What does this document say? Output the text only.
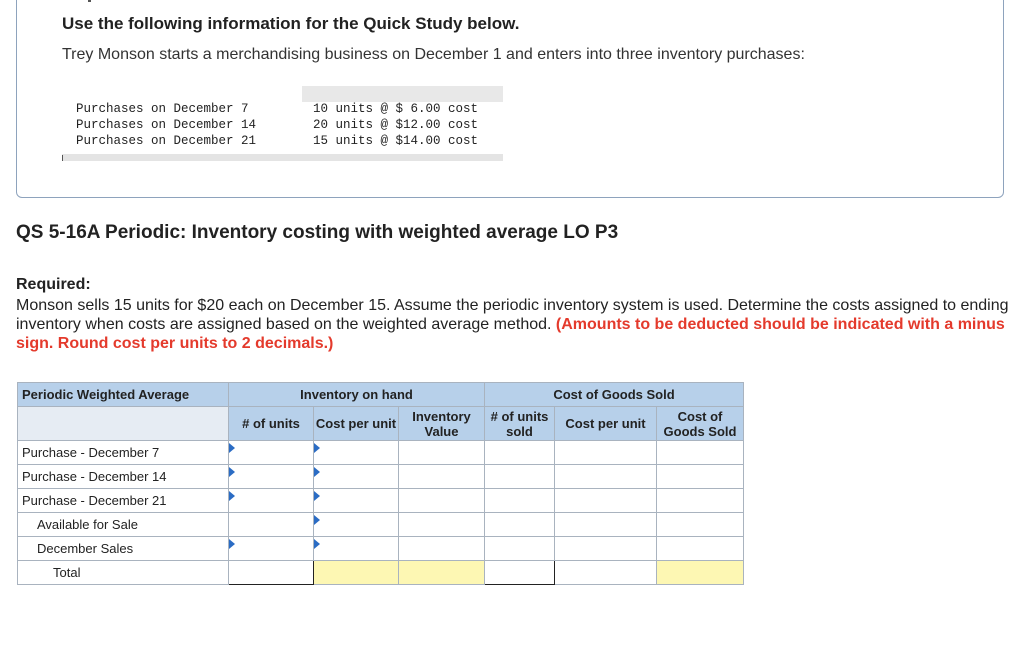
Use the following information for the Quick Study below.
Trey Monson starts a merchandising business on December 1 and enters into three inventory purchases:

Purchases on December 7

	10 units @ $ 6.00 cost

Purchases on December 14

	20 units @ $12.00 cost

Purchases on December 21

	15 units @ $14.00 cost

QS 5-16A Periodic: Inventory costing with weighted average LO P3
Required:
Monson sells 15 units for $20 each on December 15. Assume the periodic inventory system is used. Determine the costs assigned to ending inventory when costs are assigned based on the weighted average method. (Amounts to be deducted should be indicated with a minus sign. Round cost per units to 2 decimals.)
Periodic Weighted Average	Inventory on hand			Cost of Goods Sold		
	# of units	Cost per unit	Inventory Value	# of units sold	Cost per unit	Cost of Goods Sold
Purchase - December 7	

Purchase - December 14	

Purchase - December 21	

Available for Sale		

December Sales	

Total						
